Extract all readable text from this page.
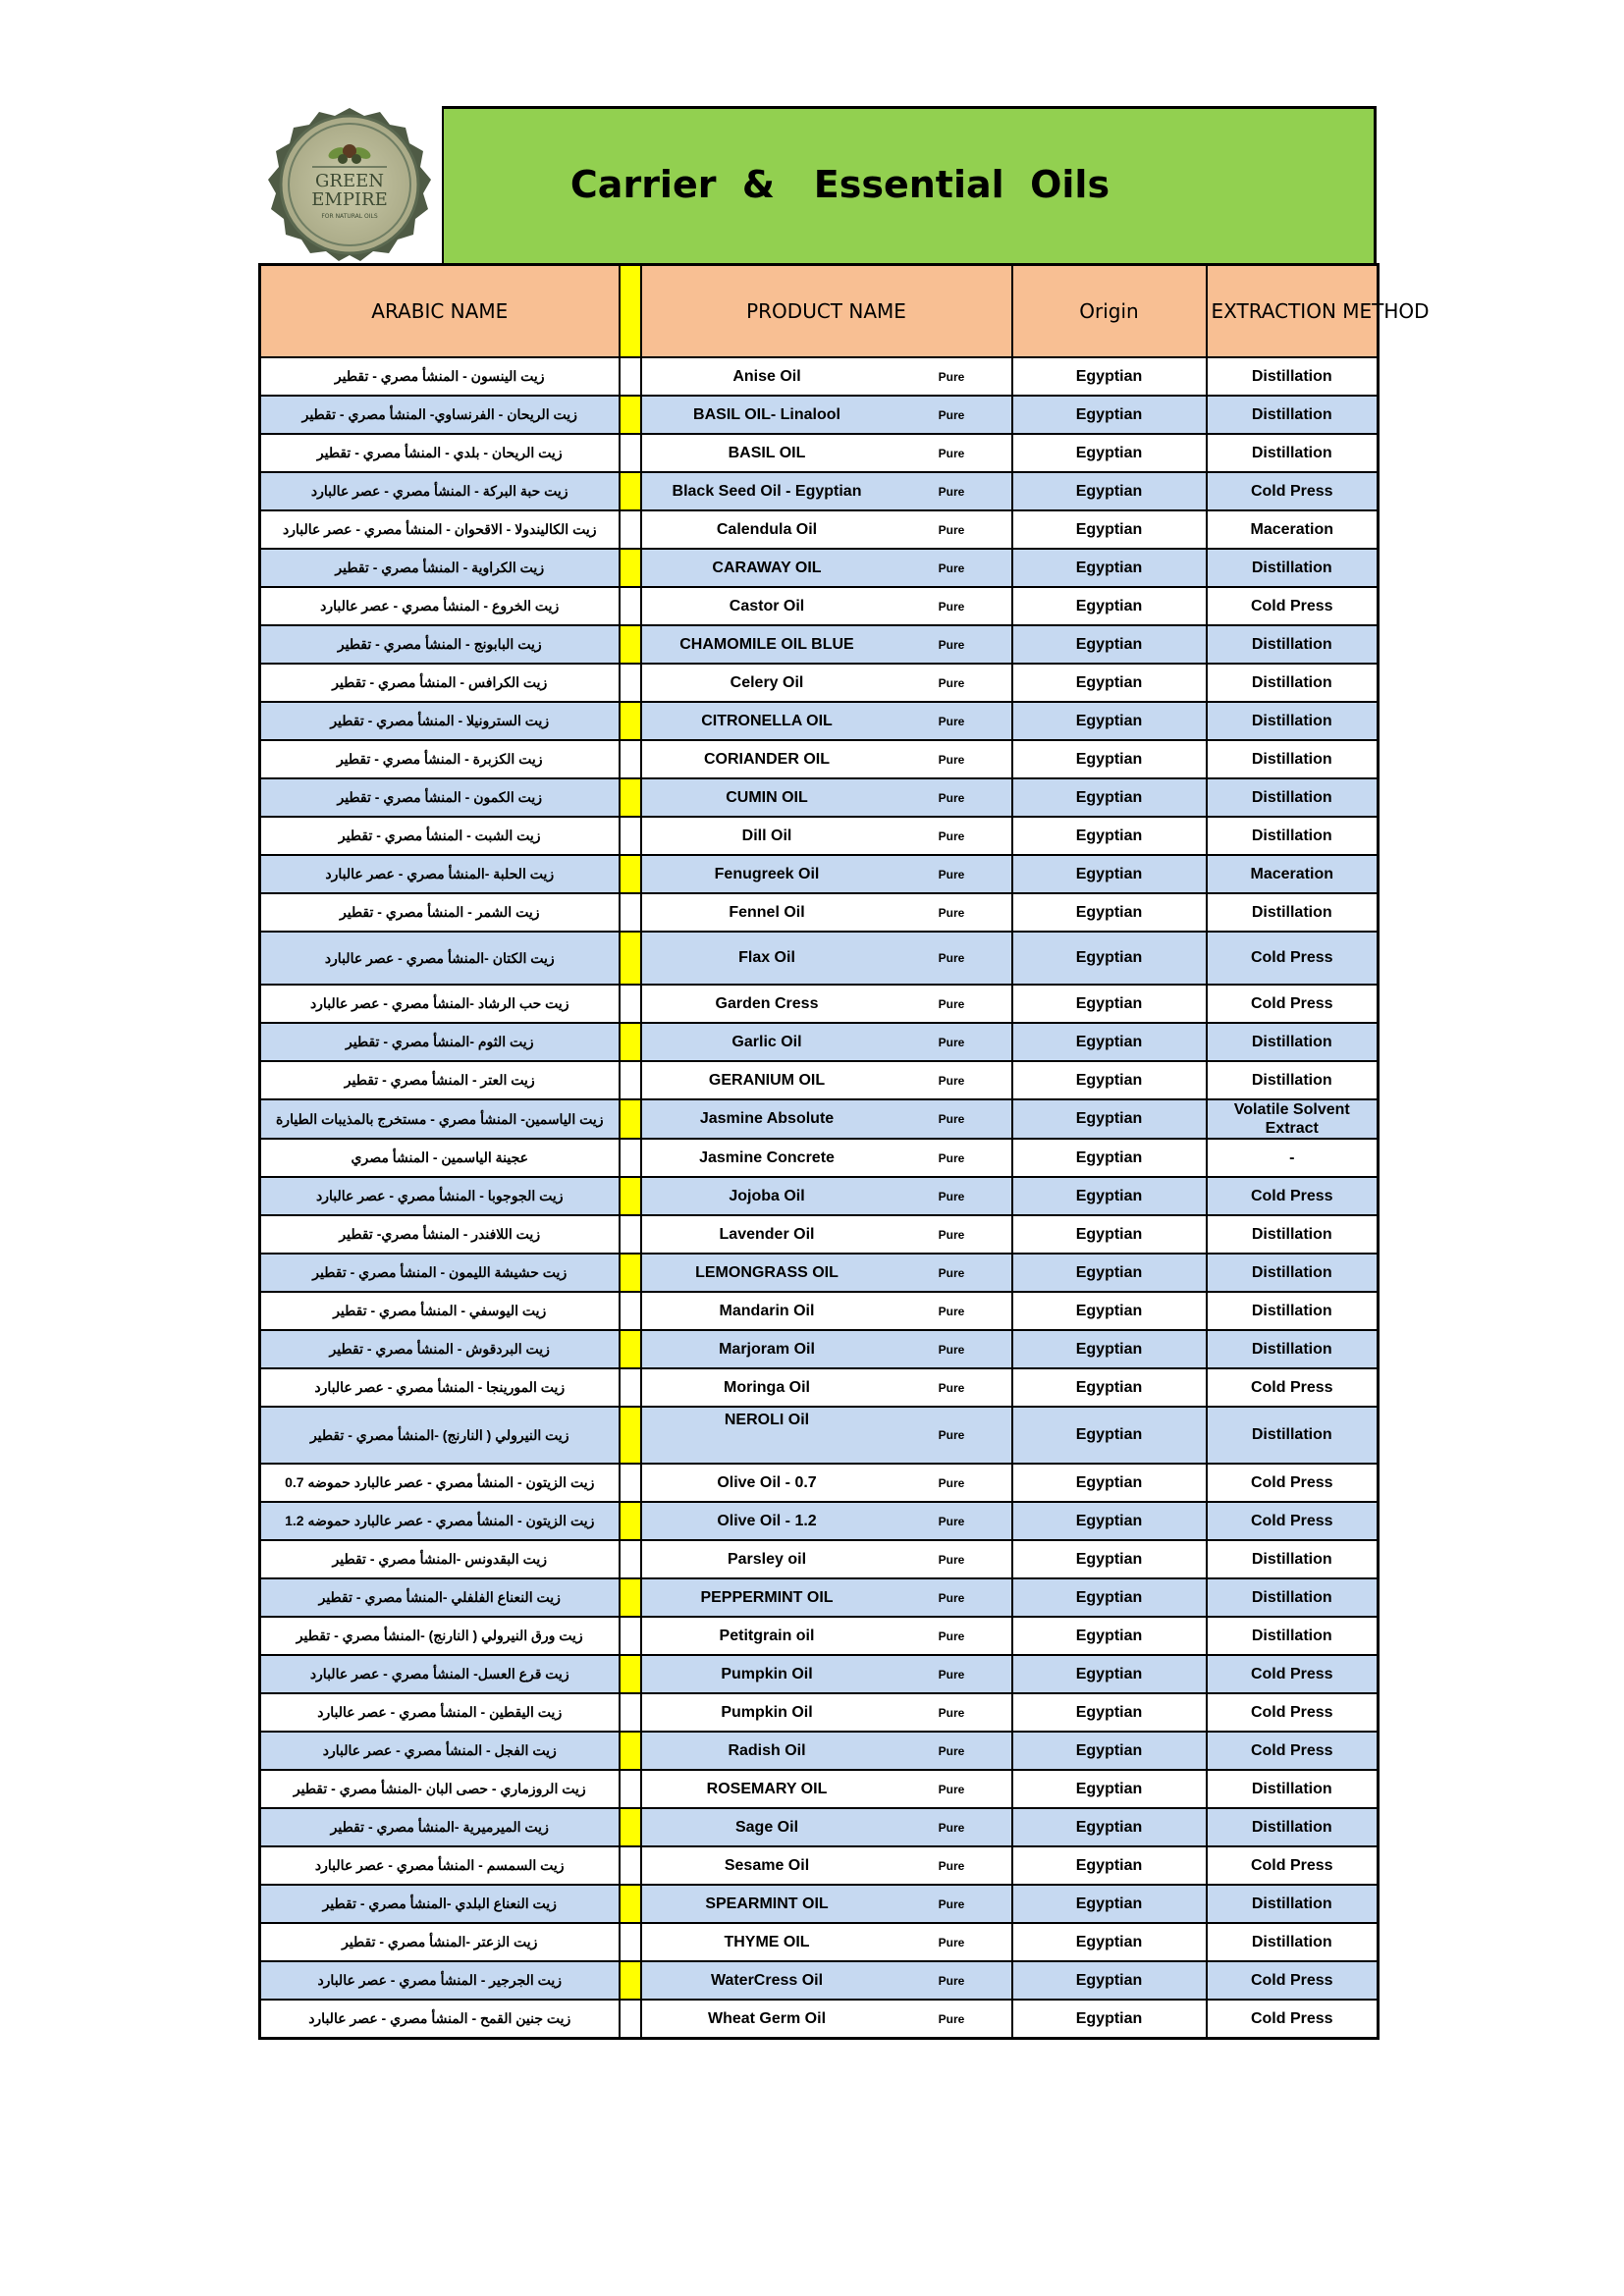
GREEN
EMPIRE
FOR NATURAL OILS
Carrier  &   Essential  Oils
ARABIC NAME		PRODUCT NAME		Origin	EXTRACTION METHOD
زيت الينسون - المنشأ مصري - تقطير		Anise Oil	Pure	Egyptian	Distillation
زيت الريحان - الفرنساوي- المنشأ مصري - تقطير		BASIL OIL- Linalool	Pure	Egyptian	Distillation
زيت الريحان - بلدي - المنشأ مصري - تقطير		BASIL OIL	Pure	Egyptian	Distillation
زيت حبة البركة - المنشأ مصري - عصر عالبارد		Black Seed Oil - Egyptian	Pure	Egyptian	Cold Press
زيت الكاليندولا - الاقحوان - المنشأ مصري - عصر عالبارد		Calendula Oil	Pure	Egyptian	Maceration
زيت الكراوية - المنشأ مصري - تقطير		CARAWAY OIL	Pure	Egyptian	Distillation
زيت الخروع - المنشأ مصري - عصر عالبارد		Castor Oil	Pure	Egyptian	Cold Press
زيت البابونج - المنشأ مصري - تقطير		CHAMOMILE OIL BLUE	Pure	Egyptian	Distillation
زيت الكرافس - المنشأ مصري - تقطير		Celery Oil	Pure	Egyptian	Distillation
زيت السترونيلا - المنشأ مصري - تقطير		CITRONELLA OIL	Pure	Egyptian	Distillation
زيت الكزبرة - المنشأ مصري - تقطير		CORIANDER OIL	Pure	Egyptian	Distillation
زيت الكمون - المنشأ مصري - تقطير		CUMIN OIL	Pure	Egyptian	Distillation
زيت الشبت - المنشأ مصري - تقطير		Dill Oil	Pure	Egyptian	Distillation
زيت الحلبة -المنشأ مصري - عصر عالبارد		Fenugreek Oil	Pure	Egyptian	Maceration
زيت الشمر - المنشأ مصري - تقطير		Fennel Oil	Pure	Egyptian	Distillation
زيت الكتان -المنشأ مصري - عصر عالبارد		Flax Oil	Pure	Egyptian	Cold Press
زيت حب الرشاد -المنشأ مصري - عصر عالبارد		Garden Cress	Pure	Egyptian	Cold Press
زيت الثوم -المنشأ مصري - تقطير		Garlic Oil	Pure	Egyptian	Distillation
زيت العتر - المنشأ مصري - تقطير		GERANIUM OIL	Pure	Egyptian	Distillation
زيت الياسمين- المنشأ مصري - مستخرج بالمذيبات الطيارة		Jasmine Absolute	Pure	Egyptian	Volatile Solvent Extract
عجينة الياسمين - المنشأ مصري		Jasmine Concrete	Pure	Egyptian	-
زيت الجوجوبا - المنشأ مصري - عصر عالبارد		Jojoba Oil	Pure	Egyptian	Cold Press
زيت اللافندر - المنشأ مصري- تقطير		Lavender Oil	Pure	Egyptian	Distillation
زيت حشيشة الليمون - المنشأ مصري - تقطير		LEMONGRASS OIL	Pure	Egyptian	Distillation
زيت اليوسفي - المنشأ مصري - تقطير		Mandarin Oil	Pure	Egyptian	Distillation
زيت البردقوش - المنشأ مصري - تقطير		Marjoram Oil	Pure	Egyptian	Distillation
زيت المورينجا - المنشأ مصري - عصر عالبارد		Moringa Oil	Pure	Egyptian	Cold Press
زيت النيرولي ( النارنج) -المنشأ مصري - تقطير		NEROLI Oil	Pure	Egyptian	Distillation
زيت الزيتون - المنشأ مصري - عصر عالبارد حموضه 0.7		Olive Oil - 0.7	Pure	Egyptian	Cold Press
زيت الزيتون - المنشأ مصري - عصر عالبارد حموضه 1.2		Olive Oil - 1.2	Pure	Egyptian	Cold Press
زيت البقدونس -المنشأ مصري - تقطير		Parsley oil	Pure	Egyptian	Distillation
زيت النعناع الفلفلي -المنشأ مصري - تقطير		PEPPERMINT OIL	Pure	Egyptian	Distillation
زيت ورق النيرولي ( النارنج) -المنشأ مصري - تقطير		Petitgrain oil	Pure	Egyptian	Distillation
زيت قرع العسل- المنشأ مصري - عصر عالبارد		Pumpkin Oil	Pure	Egyptian	Cold Press
زيت اليقطين - المنشأ مصري - عصر عالبارد		Pumpkin Oil	Pure	Egyptian	Cold Press
زيت الفجل - المنشأ مصري - عصر عالبارد		Radish Oil	Pure	Egyptian	Cold Press
زيت الروزماري - حصى البان -المنشأ مصري - تقطير		ROSEMARY OIL	Pure	Egyptian	Distillation
زيت الميرميرية -المنشأ مصري - تقطير		Sage Oil	Pure	Egyptian	Distillation
زيت السمسم - المنشأ مصري - عصر عالبارد		Sesame Oil	Pure	Egyptian	Cold Press
زيت النعناع البلدي -المنشأ مصري - تقطير		SPEARMINT OIL	Pure	Egyptian	Distillation
زيت الزعتر -المنشأ مصري - تقطير		THYME OIL	Pure	Egyptian	Distillation
زيت الجرجير - المنشأ مصري - عصر عالبارد		WaterCress Oil	Pure	Egyptian	Cold Press
زيت جنين القمح - المنشأ مصري - عصر عالبارد		Wheat Germ Oil	Pure	Egyptian	Cold Press
